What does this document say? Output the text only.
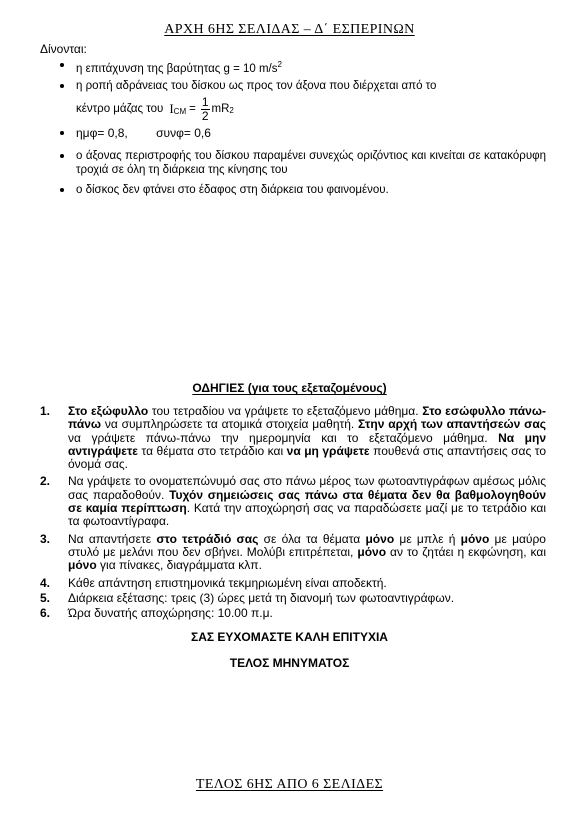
ΑΡΧΗ 6ΗΣ ΣΕΛΙΔΑΣ – Δ΄ ΕΣΠΕΡΙΝΩΝ
Δίνονται:
η επιτάχυνση της βαρύτητας g = 10 $m/s^2$
η ροπή αδράνειας του δίσκου ως προς τον άξονα που διέρχεται από το
κέντρο μάζας του $I_{CM} = \frac{1}{2}$ mR 2
ημφ= 0,8, συνφ= 0,6
ο άξονας περιστροφής του δίσκου παραμένει συνεχώς οριζόντιος και κινείται σε κατακόρυφη τροχιά σε όλη τη διάρκεια της κίνησης του
ο δίσκος δεν φτάνει στο έδαφος στη διάρκεια του φαινομένου.
ΟΔΗΓΙΕΣ (για τους εξεταζομένους)
1. Στο εξώφυλλο του τετραδίου να γράψετε το εξεταζόμενο μάθημα. Στο εσώφυλλο πάνω-πάνω να συμπληρώσετε τα ατομικά στοιχεία μαθητή. Στην αρχή των απαντήσεών σας να γράψετε πάνω-πάνω την ημερομηνία και το εξεταζόμενο μάθημα. Να μην αντιγράψετε τα θέματα στο τετράδιο και να μη γράψετε πουθενά στις απαντήσεις σας το όνομά σας.
2. Να γράψετε το ονοματεπώνυμό σας στο πάνω μέρος των φωτοαντιγράφων αμέσως μόλις σας παραδοθούν. Τυχόν σημειώσεις σας πάνω στα θέματα δεν θα βαθμολογηθούν σε καμία περίπτωση. Κατά την αποχώρησή σας να παραδώσετε μαζί με το τετράδιο και τα φωτοαντίγραφα.
3. Να απαντήσετε στο τετράδιό σας σε όλα τα θέματα μόνο με μπλε ή μόνο με μαύρο στυλό με μελάνι που δεν σβήνει. Μολύβι επιτρέπεται, μόνο αν το ζητάει η εκφώνηση, και μόνο για πίνακες, διαγράμματα κλπ.
4. Κάθε απάντηση επιστημονικά τεκμηριωμένη είναι αποδεκτή.
5. Διάρκεια εξέτασης: τρεις (3) ώρες μετά τη διανομή των φωτοαντιγράφων.
6. Ώρα δυνατής αποχώρησης: 10.00 π.μ.
ΣΑΣ ΕΥΧΟΜΑΣΤΕ ΚΑΛΗ ΕΠΙΤΥΧΙΑ
ΤΕΛΟΣ ΜΗΝΥΜΑΤΟΣ
ΤΕΛΟΣ 6ΗΣ ΑΠΟ 6 ΣΕΛΙΔΕΣ
